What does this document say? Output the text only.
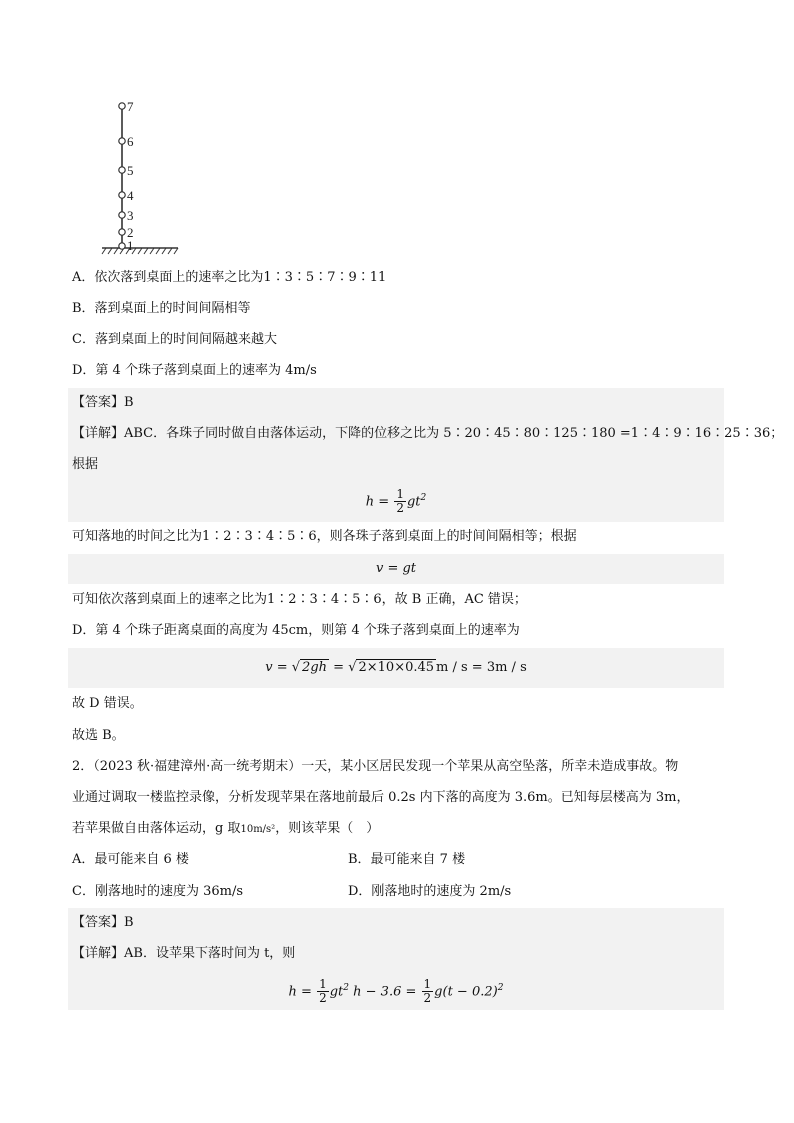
1
2
3
4
5
6
7
A．依次落到桌面上的速率之比为1∶3∶5∶7∶9∶11
B．落到桌面上的时间间隔相等
C．落到桌面上的时间间隔越来越大
D．第 4 个珠子落到桌面上的速率为 4m/s
【答案】B
【详解】ABC．各珠子同时做自由落体运动，下降的位移之比为 5∶20∶45∶80∶125∶180 =1∶4∶9∶16∶25∶36；
根据
$h = \frac{1}{2} gt^2$
可知落地的时间之比为1∶2∶3∶4∶5∶6，则各珠子落到桌面上的时间间隔相等；根据
v = gt
可知依次落到桌面上的速率之比为1∶2∶3∶4∶5∶6，故 B 正确，AC 错误；
D．第 4 个珠子距离桌面的高度为 45cm，则第 4 个珠子落到桌面上的速率为
v = √ 2gh = √ 2×10×0.45 m / s = 3m / s
故 D 错误。
故选 B。
2．（2023 秋·福建漳州·高一统考期末）一天，某小区居民发现一个苹果从高空坠落，所幸未造成事故。物
业通过调取一楼监控录像，分析发现苹果在落地前最后 0.2s 内下落的高度为 3.6m。已知每层楼高为 3m，
若苹果做自由落体运动，g 取10m/s²，则该苹果（　）
A．最可能来自 6 楼	B．最可能来自 7 楼
C．刚落地时的速度为 36m/s	D．刚落地时的速度为 2m/s
【答案】B
【详解】AB．设苹果下落时间为 t，则
$h = \frac{1}{2} gt^2$ $h - 3.6 = \frac{1}{2} g(t - 0.2)^2$
